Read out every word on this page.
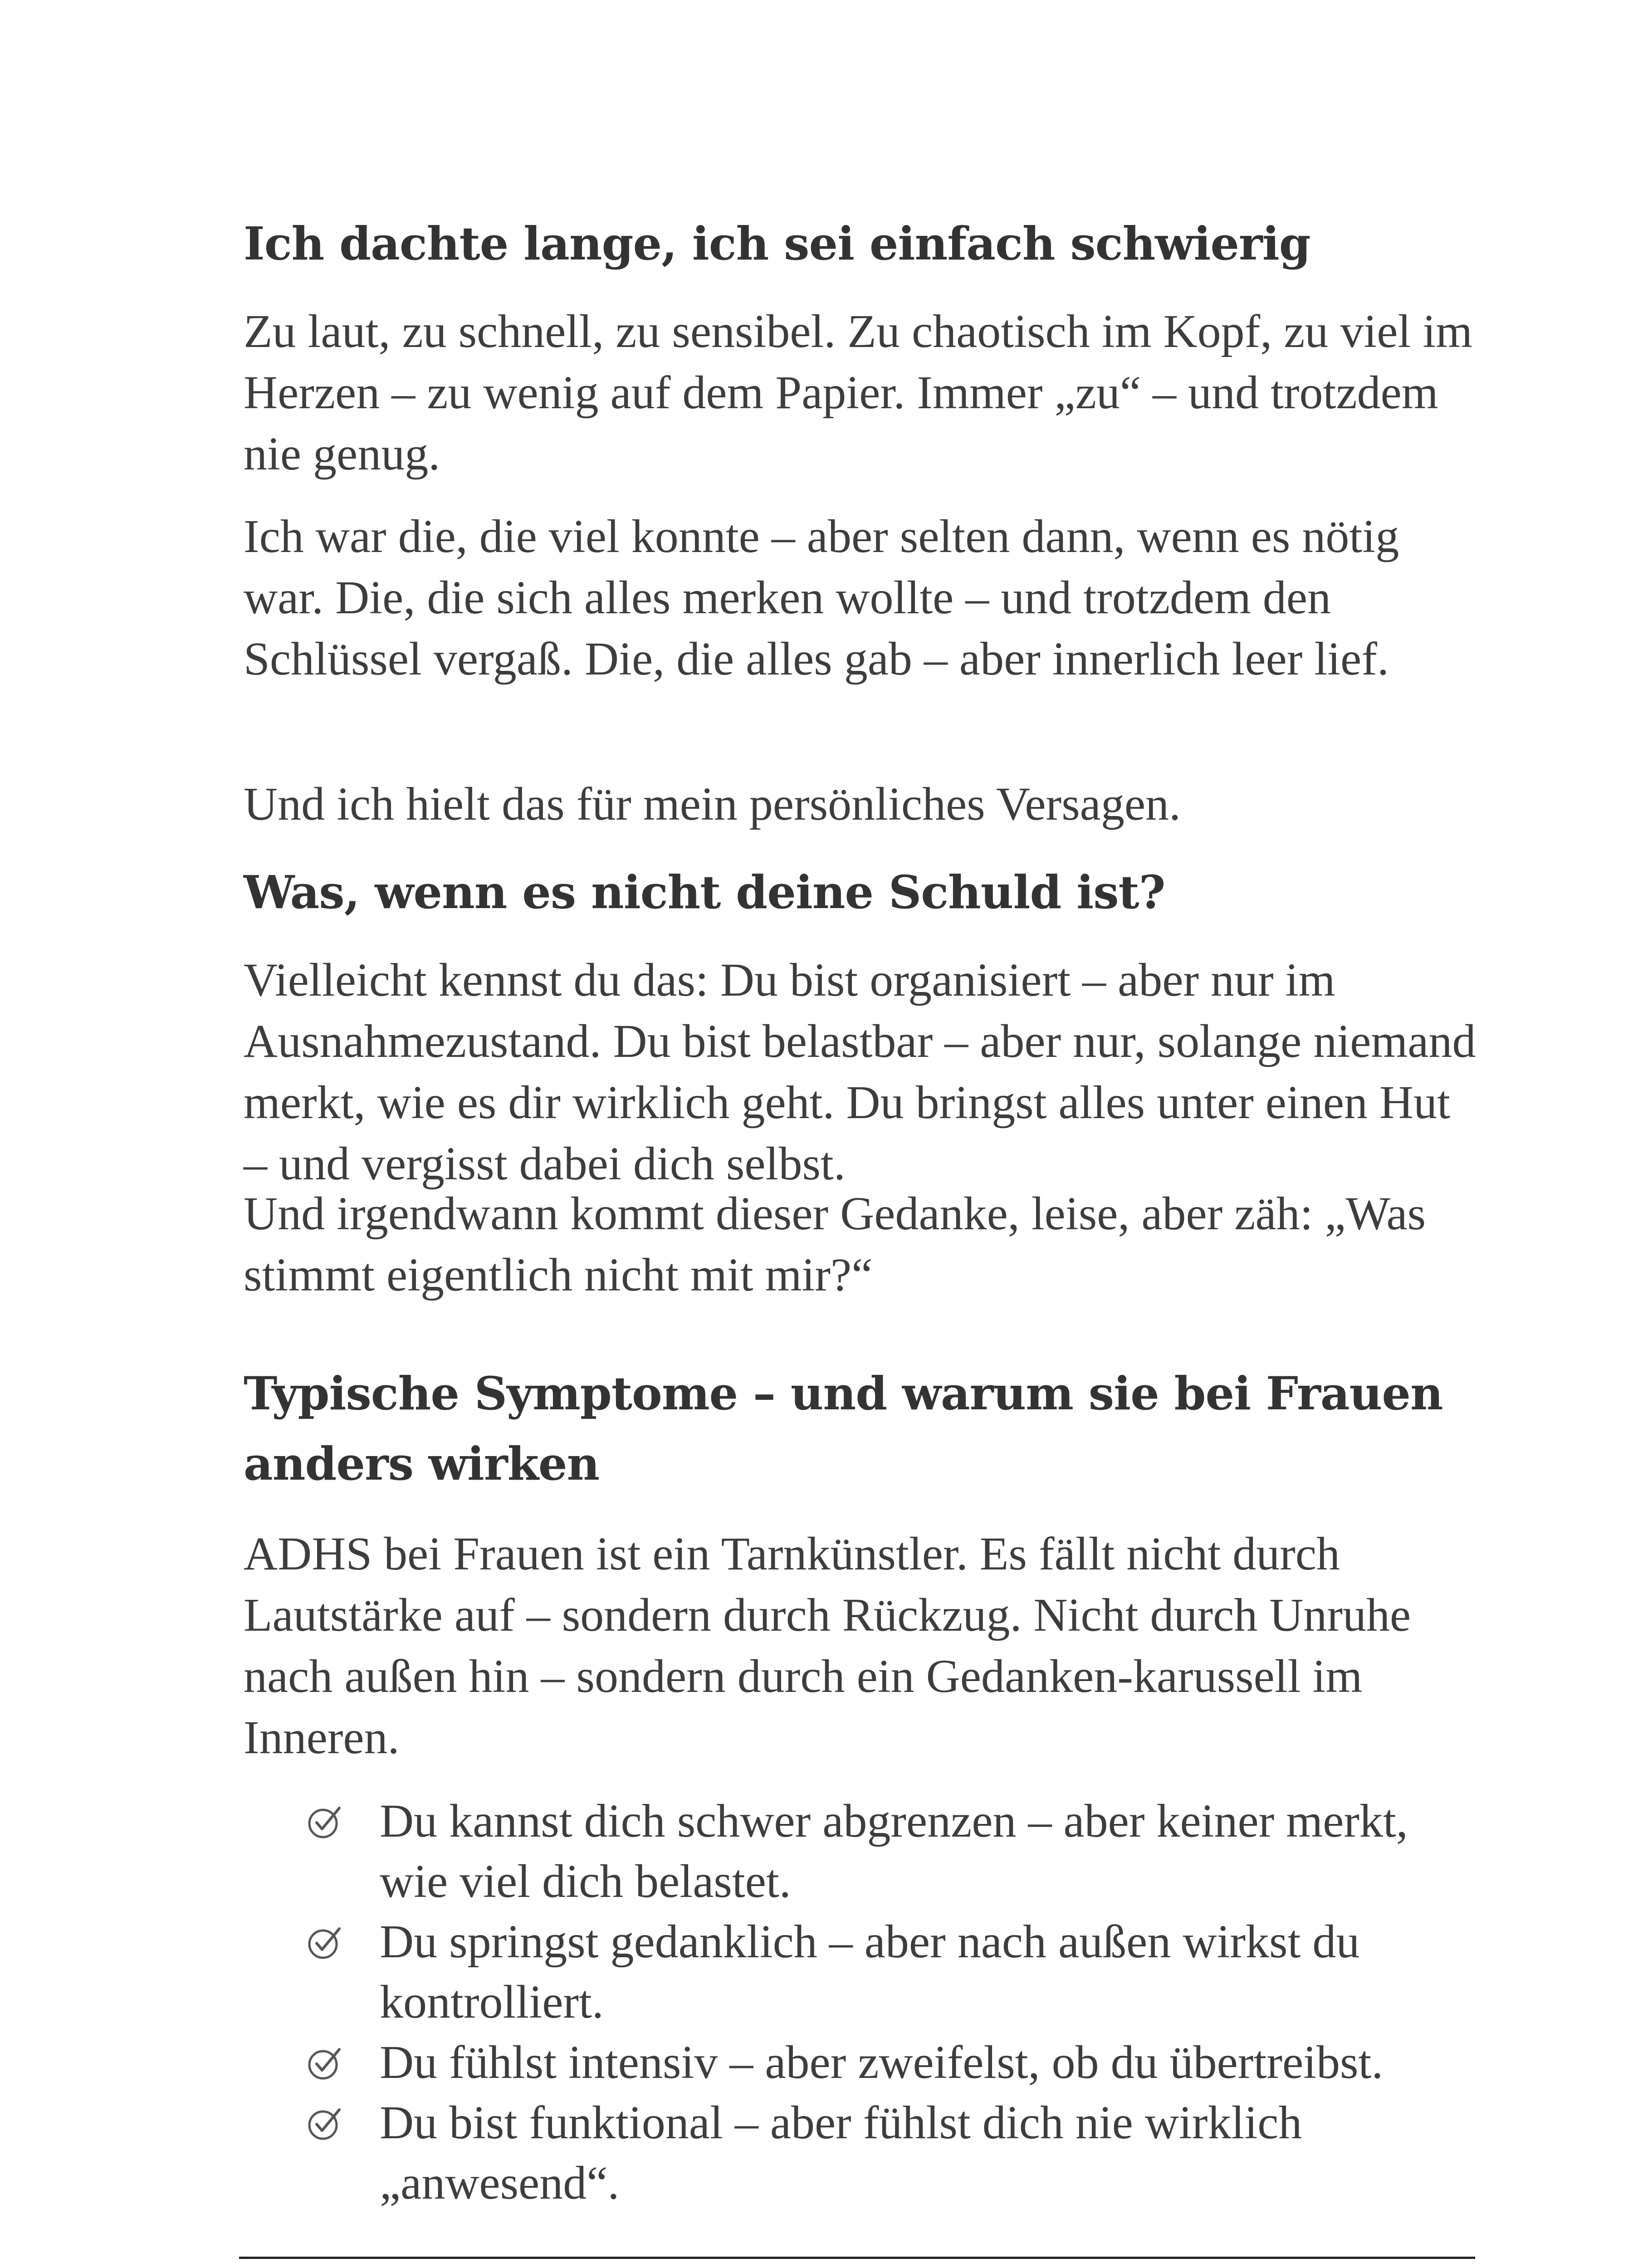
Ich dachte lange, ich sei einfach schwierig

Zu laut, zu schnell, zu sensibel. Zu chaotisch im Kopf, zu viel im Herzen – zu wenig auf dem Papier. Immer „zu“ – und trotzdem nie genug.

Ich war die, die viel konnte – aber selten dann, wenn es nötig war. Die, die sich alles merken wollte – und trotzdem den Schlüssel vergaß. Die, die alles gab – aber innerlich leer lief.

Und ich hielt das für mein persönliches Versagen.

Was, wenn es nicht deine Schuld ist?

Vielleicht kennst du das: Du bist organisiert – aber nur im Ausnahmezustand. Du bist belastbar – aber nur, solange niemand merkt, wie es dir wirklich geht. Du bringst alles unter einen Hut – und vergisst dabei dich selbst.

Und irgendwann kommt dieser Gedanke, leise, aber zäh: „Was stimmt eigentlich nicht mit mir?“

Typische Symptome – und warum sie bei Frauen anders wirken

ADHS bei Frauen ist ein Tarnkünstler. Es fällt nicht durch Lautstärke auf – sondern durch Rückzug. Nicht durch Unruhe nach außen hin – sondern durch ein Gedanken-karussell im Inneren.

Du kannst dich schwer abgrenzen – aber keiner merkt, wie viel dich belastet.
Du springst gedanklich – aber nach außen wirkst du kontrolliert.
Du fühlst intensiv – aber zweifelst, ob du übertreibst.
Du bist funktional – aber fühlst dich nie wirklich „anwesend“.
